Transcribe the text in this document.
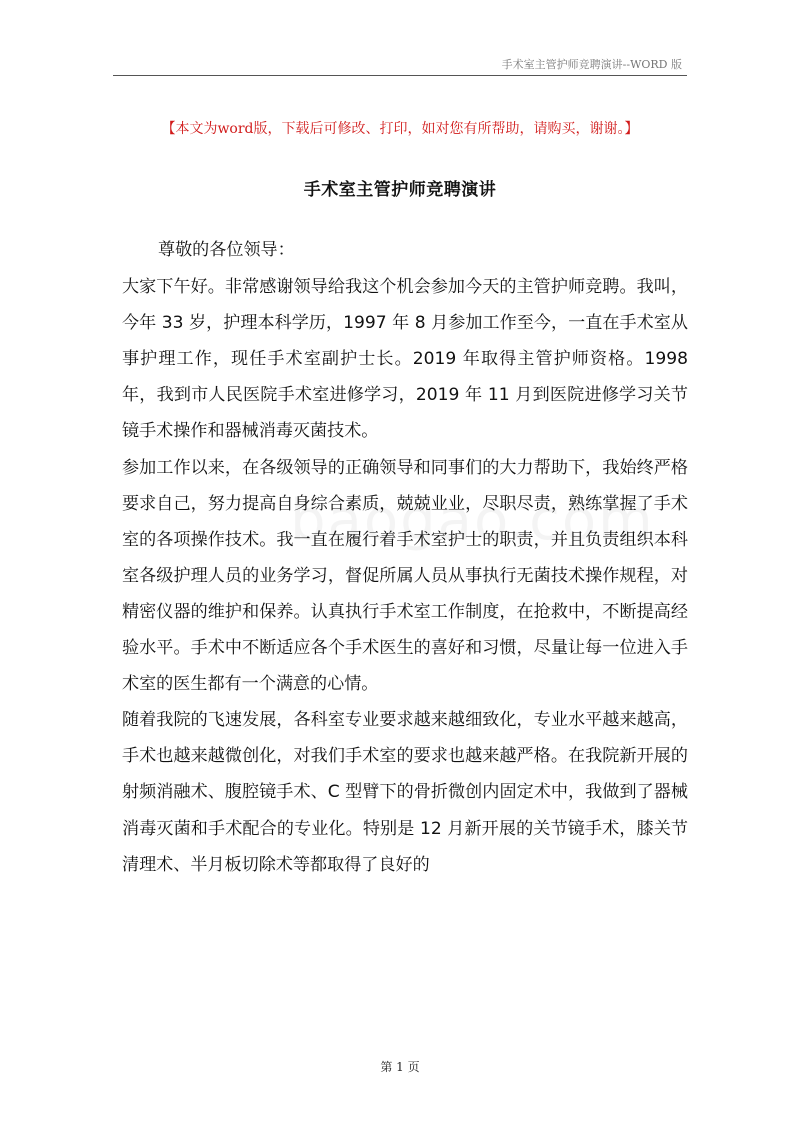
手术室主管护师竞聘演讲--WORD 版
【本文为word版，下载后可修改、打印，如对您有所帮助，请购买，谢谢。】
手术室主管护师竞聘演讲

尊敬的各位领导：

大家下午好。非常感谢领导给我这个机会参加今天的主管护师竞聘。我叫，今年 33 岁，护理本科学历，1997 年 8 月参加工作至今，一直在手术室从事护理工作，现任手术室副护士长。2019 年取得主管护师资格。1998 年，我到市人民医院手术室进修学习，2019 年 11 月到医院进修学习关节镜手术操作和器械消毒灭菌技术。

参加工作以来，在各级领导的正确领导和同事们的大力帮助下，我始终严格要求自己，努力提高自身综合素质，兢兢业业，尽职尽责，熟练掌握了手术室的各项操作技术。我一直在履行着手术室护士的职责，并且负责组织本科室各级护理人员的业务学习，督促所属人员从事执行无菌技术操作规程，对精密仪器的维护和保养。认真执行手术室工作制度，在抢救中，不断提高经验水平。手术中不断适应各个手术医生的喜好和习惯，尽量让每一位进入手术室的医生都有一个满意的心情。

随着我院的飞速发展，各科室专业要求越来越细致化，专业水平越来越高，手术也越来越微创化，对我们手术室的要求也越来越严格。在我院新开展的射频消融术、腹腔镜手术、C 型臂下的骨折微创内固定术中，我做到了器械消毒灭菌和手术配合的专业化。特别是 12 月新开展的关节镜手术，膝关节清理术、半月板切除术等都取得了良好的

第 1 页
